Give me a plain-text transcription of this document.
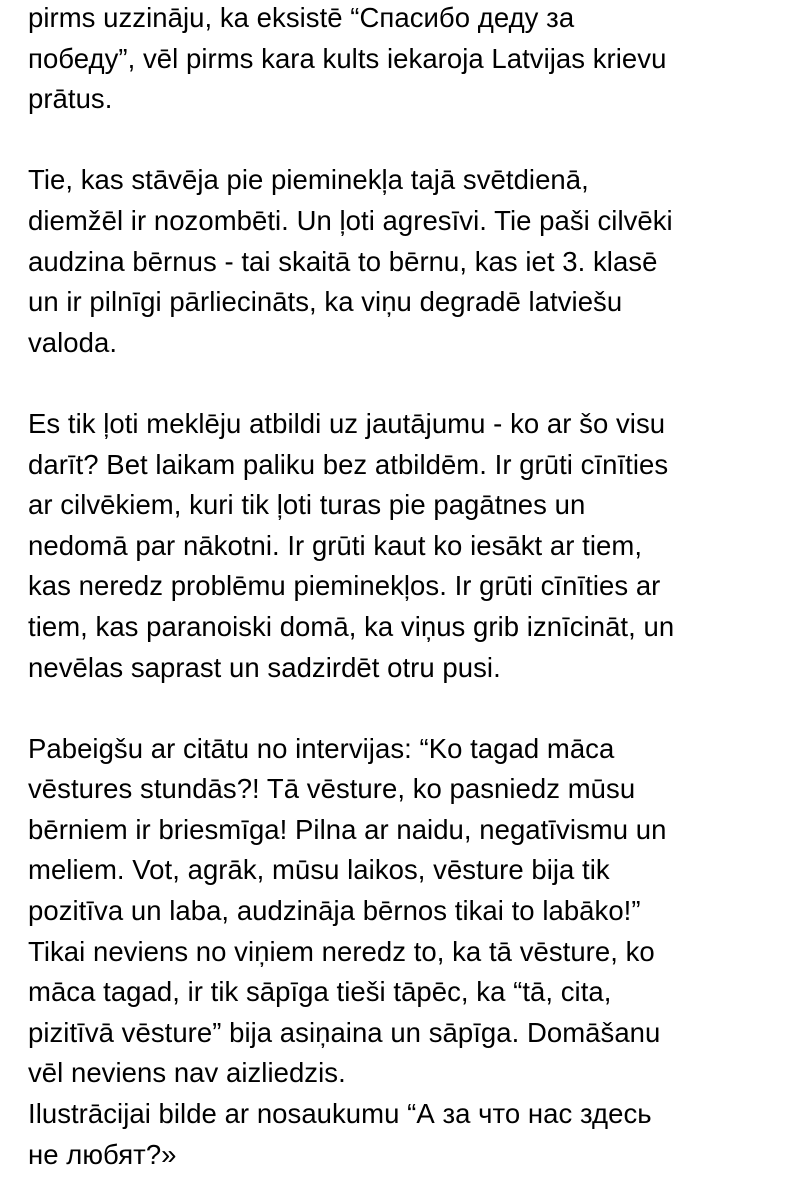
pirms uzzināju, ka eksistē “Спасибо деду за
победу”, vēl pirms kara kults iekaroja Latvijas krievu
prātus.
Tie, kas stāvēja pie pieminekļa tajā svētdienā,
diemžēl ir nozombēti. Un ļoti agresīvi. Tie paši cilvēki
audzina bērnus - tai skaitā to bērnu, kas iet 3. klasē
un ir pilnīgi pārliecināts, ka viņu degradē latviešu
valoda.
Es tik ļoti meklēju atbildi uz jautājumu - ko ar šo visu
darīt? Bet laikam paliku bez atbildēm. Ir grūti cīnīties
ar cilvēkiem, kuri tik ļoti turas pie pagātnes un
nedomā par nākotni. Ir grūti kaut ko iesākt ar tiem,
kas neredz problēmu pieminekļos. Ir grūti cīnīties ar
tiem, kas paranoiski domā, ka viņus grib iznīcināt, un
nevēlas saprast un sadzirdēt otru pusi.
Pabeigšu ar citātu no intervijas: “Ko tagad māca
vēstures stundās?! Tā vēsture, ko pasniedz mūsu
bērniem ir briesmīga! Pilna ar naidu, negatīvismu un
meliem. Vot, agrāk, mūsu laikos, vēsture bija tik
pozitīva un laba, audzināja bērnos tikai to labāko!”
Tikai neviens no viņiem neredz to, ka tā vēsture, ko
māca tagad, ir tik sāpīga tieši tāpēc, ka “tā, cita,
pizitīvā vēsture” bija asiņaina un sāpīga. Domāšanu
vēl neviens nav aizliedzis.
Ilustrācijai bilde ar nosaukumu “А за что нас здесь
не любят?»
